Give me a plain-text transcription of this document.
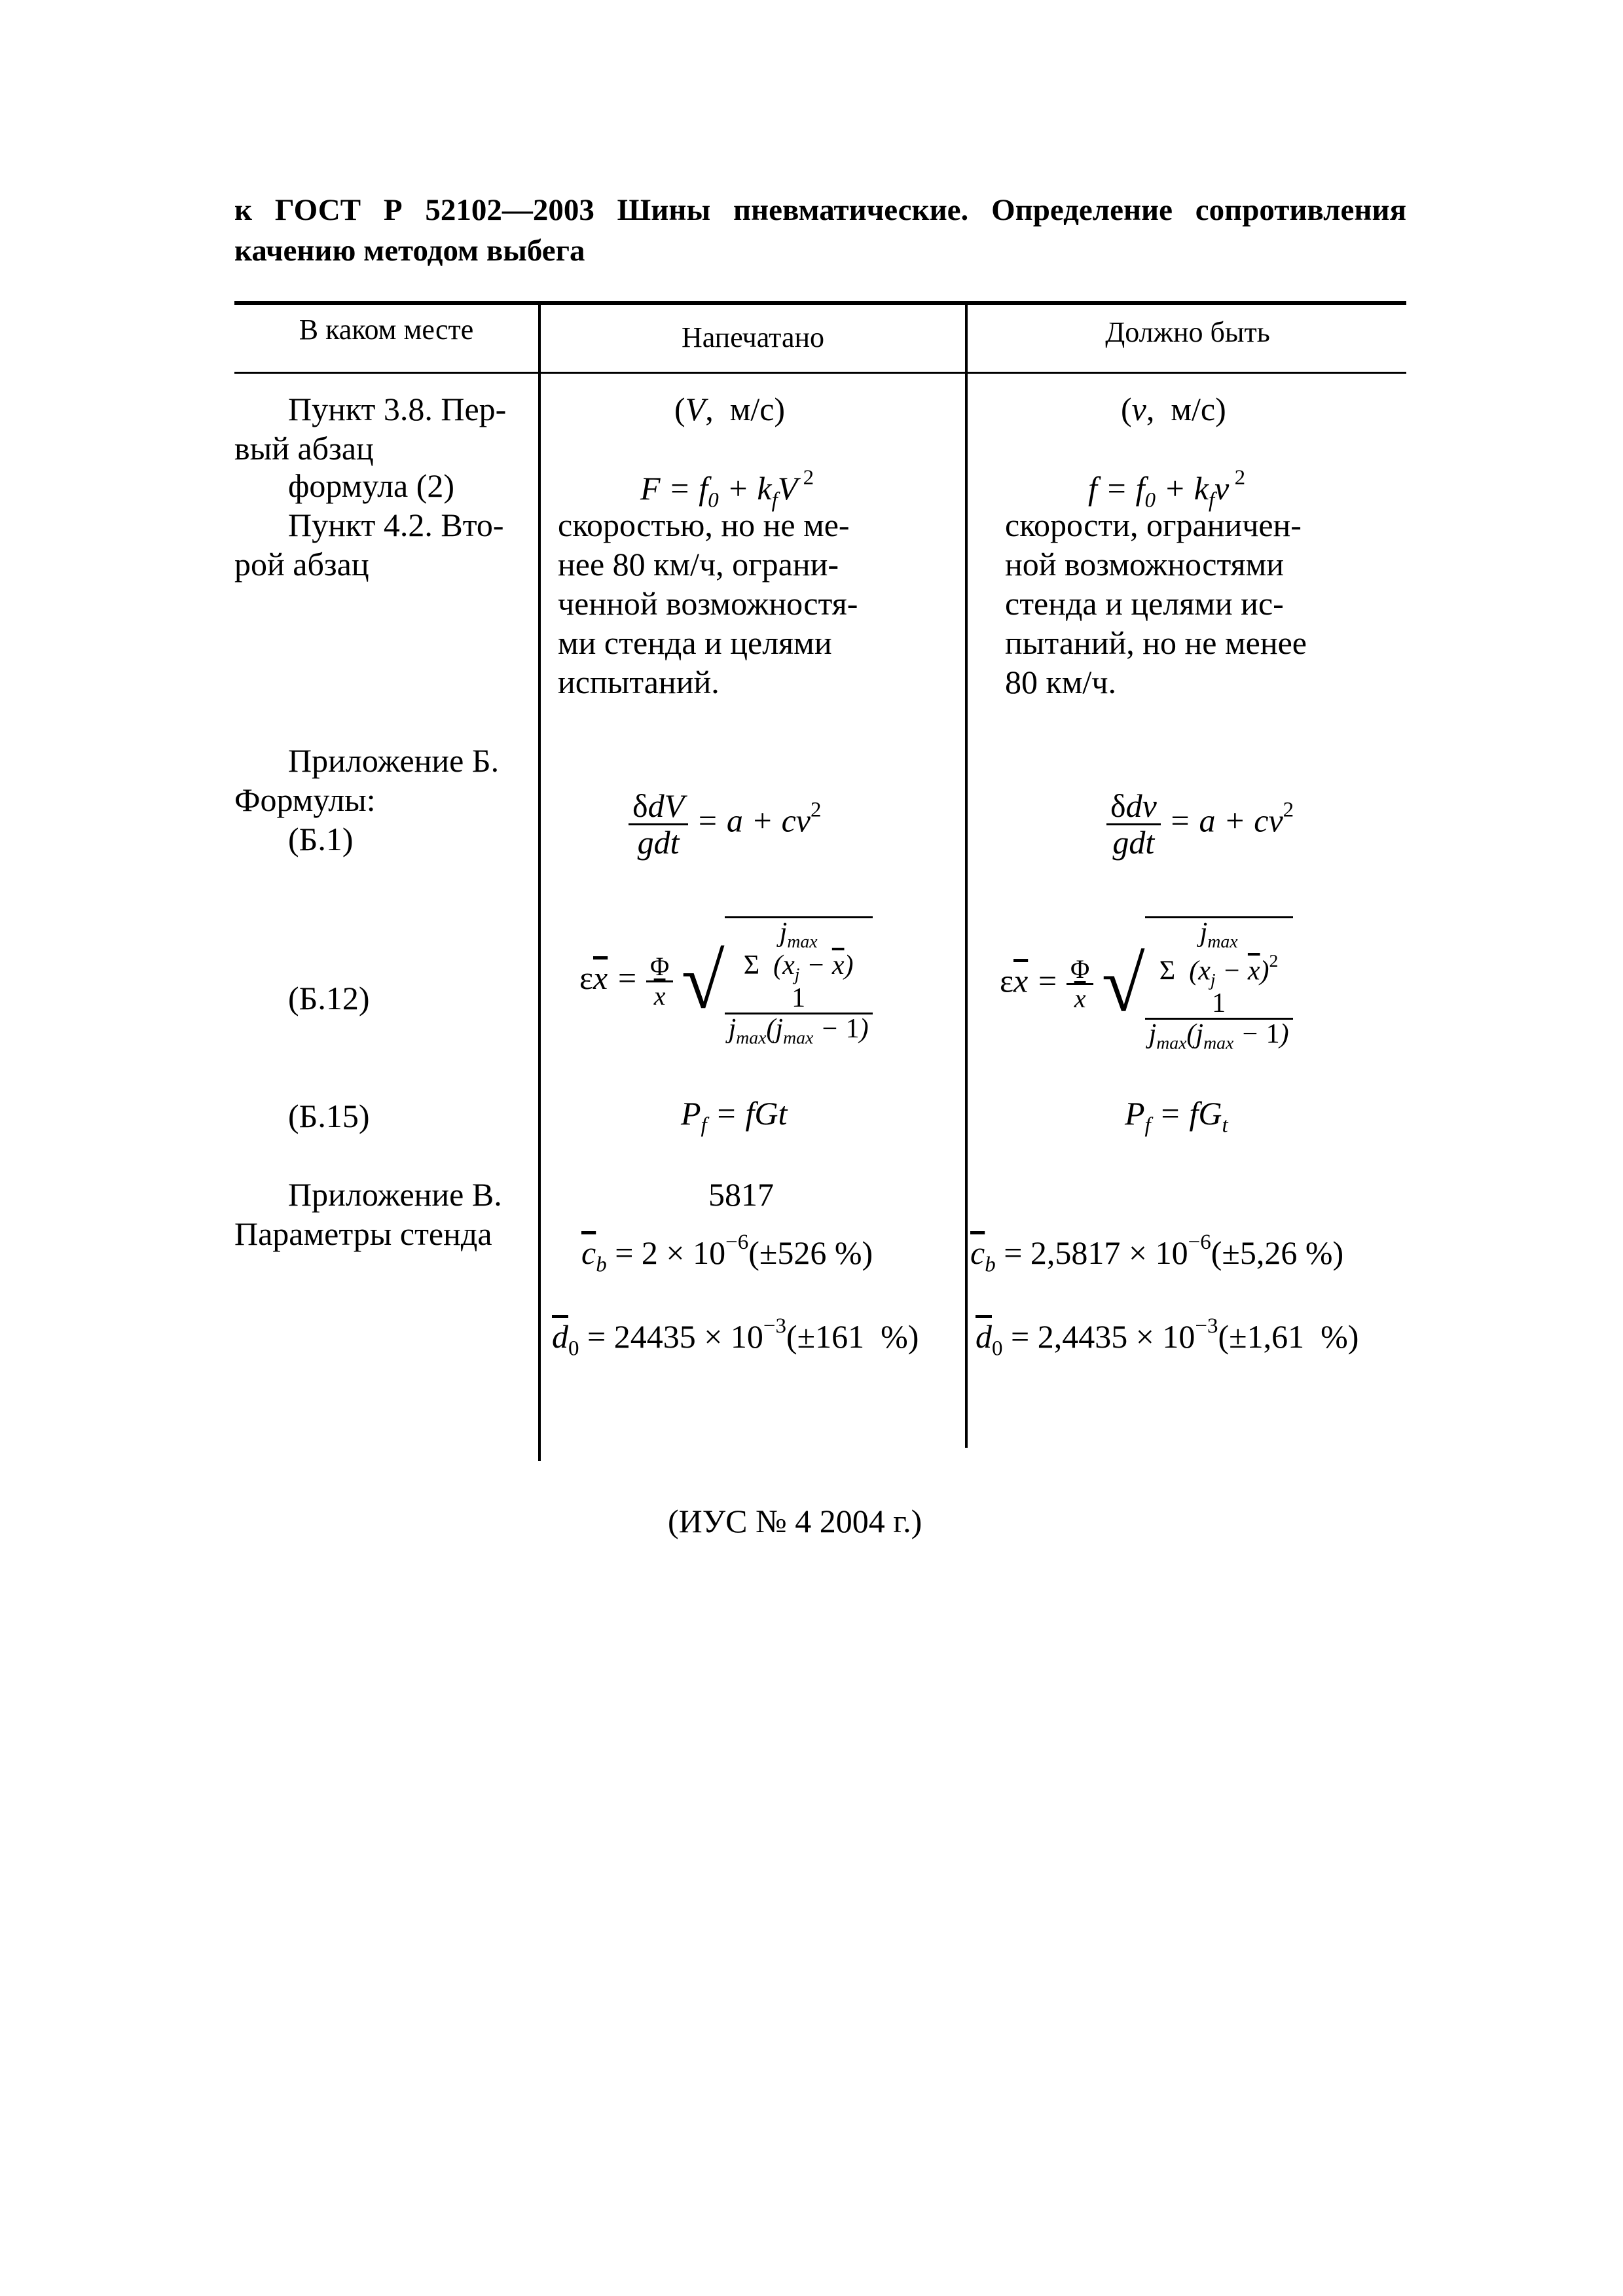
к ГОСТ Р 52102—2003 Шины пневматические. Определение сопротивления качению методом выбега
В каком месте	Напечатано	Должно быть
Пункт 3.8. Пер-
вый абзац
формула (2)
Пункт 4.2. Вто-
рой абзац
Приложение Б.
Формулы:
(Б.1)
(Б.12)
(Б.15)
Приложение В.
Параметры стенда
(V,  м/с)
$F = f_0 + k_fV$ $^2$
скоростью, но не ме-
нее 80 км/ч, ограни-
ченной возможностя-
ми стенда и целями
испытаний.
$\frac{\text{δdV}}{\text{gdt}} = a + cv^2$
$\varepsilon\overline{x} = \frac{\Phi}{x}$ √
$j_{max}$
Σ  $(x_j - \overline{x})$
1
$j_{max}(j_{max} - 1)$
$P_f$ = fGt
5817
$\overline{c}_b = 2 \times 10^{-6}(\pm 526$ %)
$\overline{d}_0 = 24435 \times 10^{-3}(\pm 161$  %)
(v,  м/с)
$f = f_0 + k_fv$ $^2$
скорости, ограничен-
ной возможностями
стенда и целями ис-
пытаний, но не менее
80 км/ч.
$\frac{\text{δdv}}{\text{gdt}} = a + cv^2$
$\varepsilon\overline{x} = \frac{\Phi}{x}$ √
$j_{max}$
Σ  $(x_j - \overline{x})^2$
1
$j_{max}(j_{max} - 1)$
$P_f = fG_t$
$\overline{c}_b = 2,5817 \times 10^{-6}(\pm 5,26$ %)
$\overline{d}_0 = 2,4435 \times 10^{-3}(\pm 1,61$  %)
(ИУС № 4 2004 г.)
